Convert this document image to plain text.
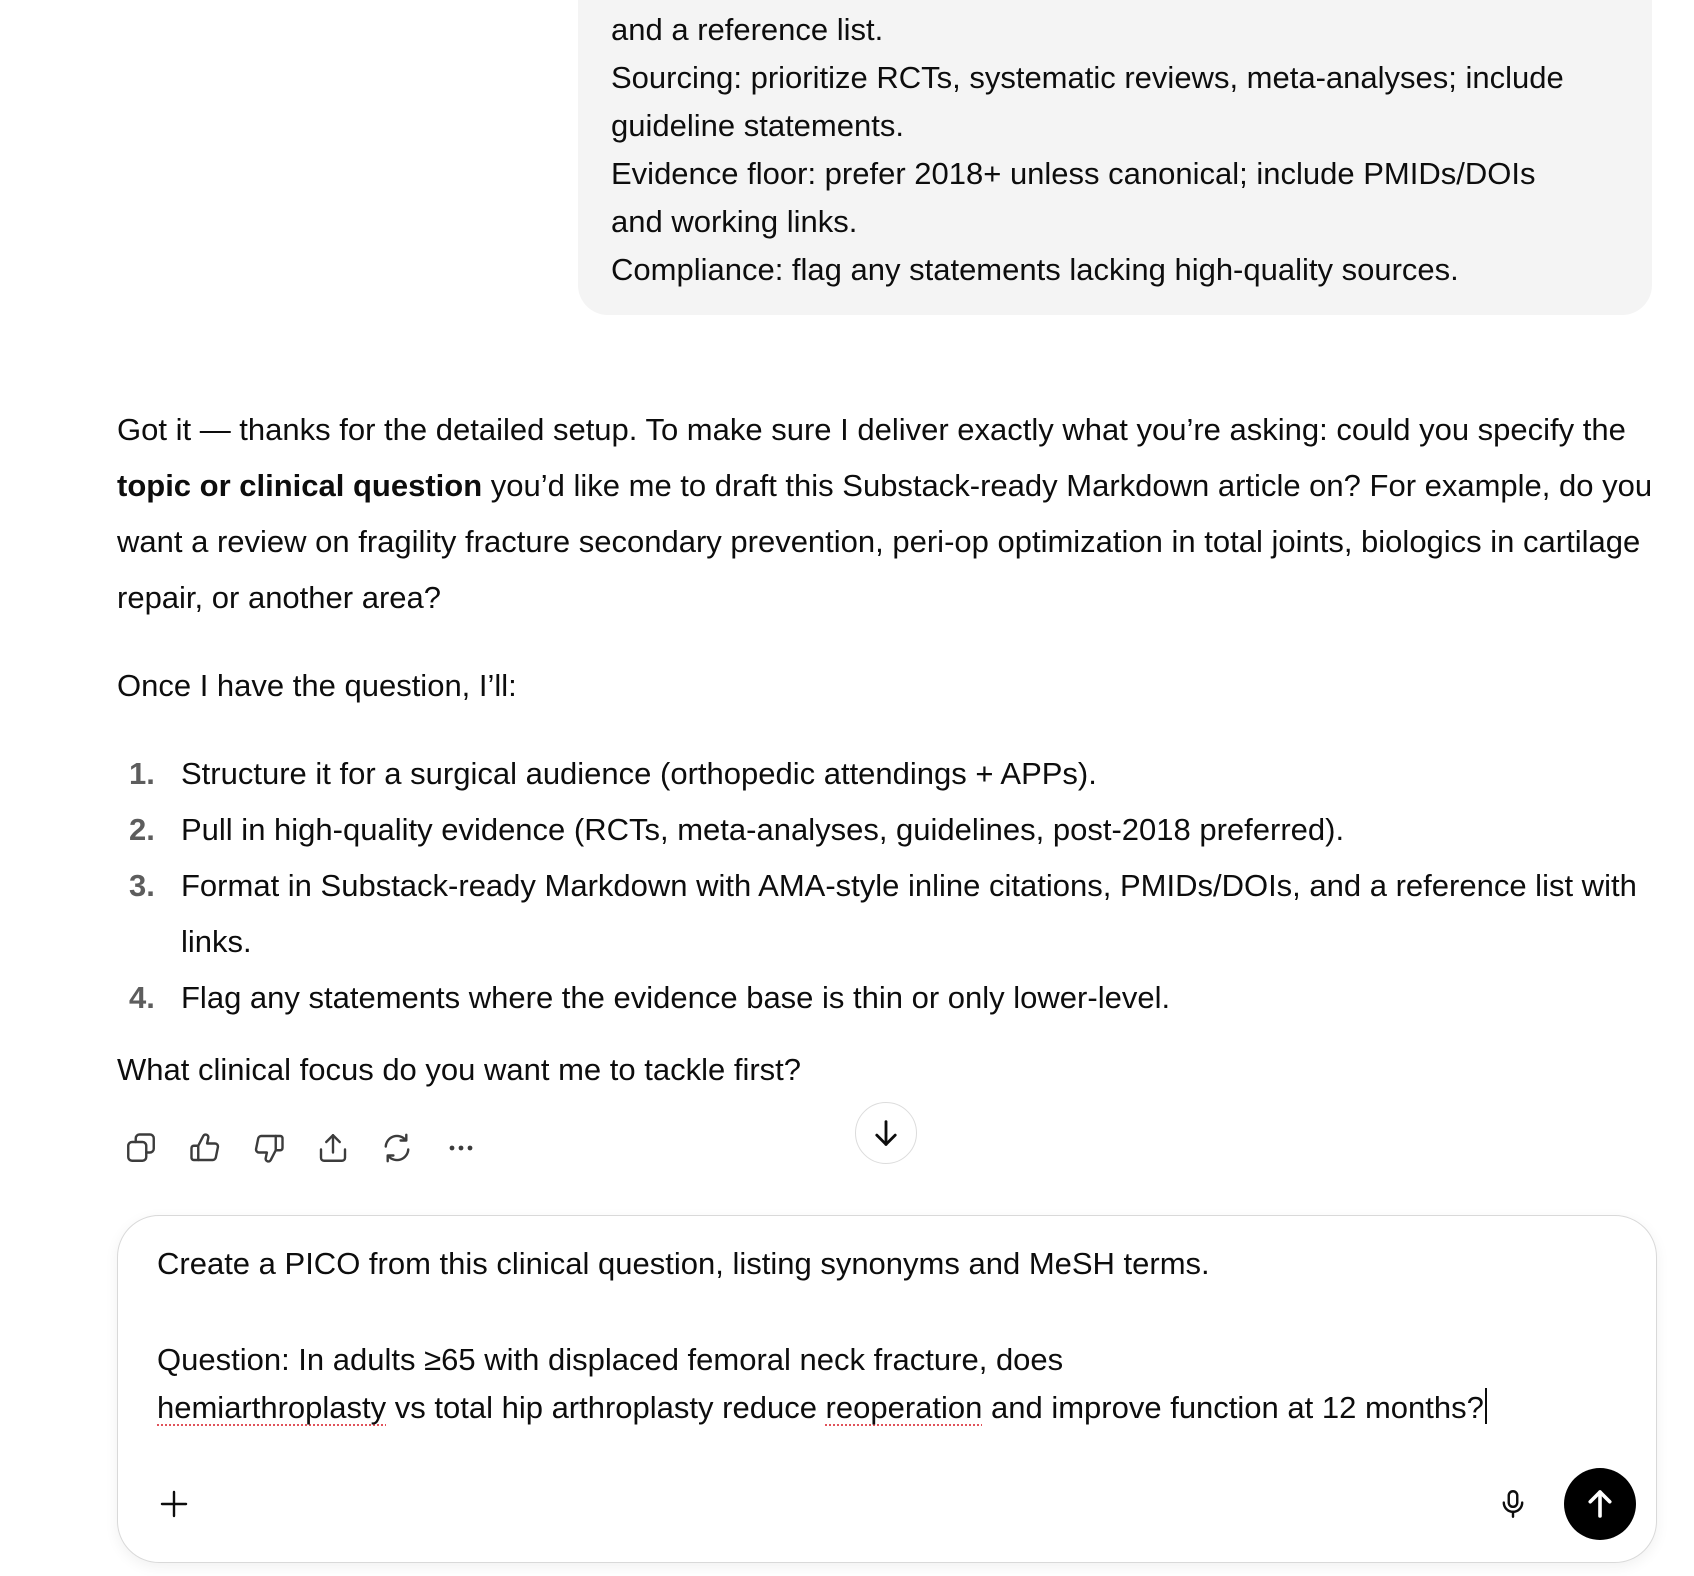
and a reference list.
Sourcing: prioritize RCTs, systematic reviews, meta-analyses; include
guideline statements.
Evidence floor: prefer 2018+ unless canonical; include PMIDs/DOIs
and working links.
Compliance: flag any statements lacking high-quality sources.

Got it — thanks for the detailed setup. To make sure I deliver exactly what you’re asking: could you specify the topic or clinical question you’d like me to draft this Substack-ready Markdown article on? For example, do you want a review on fragility fracture secondary prevention, peri-op optimization in total joints, biologics in cartilage repair, or another area?

Once I have the question, I’ll:

1. Structure it for a surgical audience (orthopedic attendings + APPs).
2. Pull in high-quality evidence (RCTs, meta-analyses, guidelines, post-2018 preferred).
3. Format in Substack-ready Markdown with AMA-style inline citations, PMIDs/DOIs, and a reference list with links.
4. Flag any statements where the evidence base is thin or only lower-level.

What clinical focus do you want me to tackle first?

Create a PICO from this clinical question, listing synonyms and MeSH terms.

Question: In adults ≥65 with displaced femoral neck fracture, does
hemiarthroplasty vs total hip arthroplasty reduce reoperation and improve function at 12 months?
